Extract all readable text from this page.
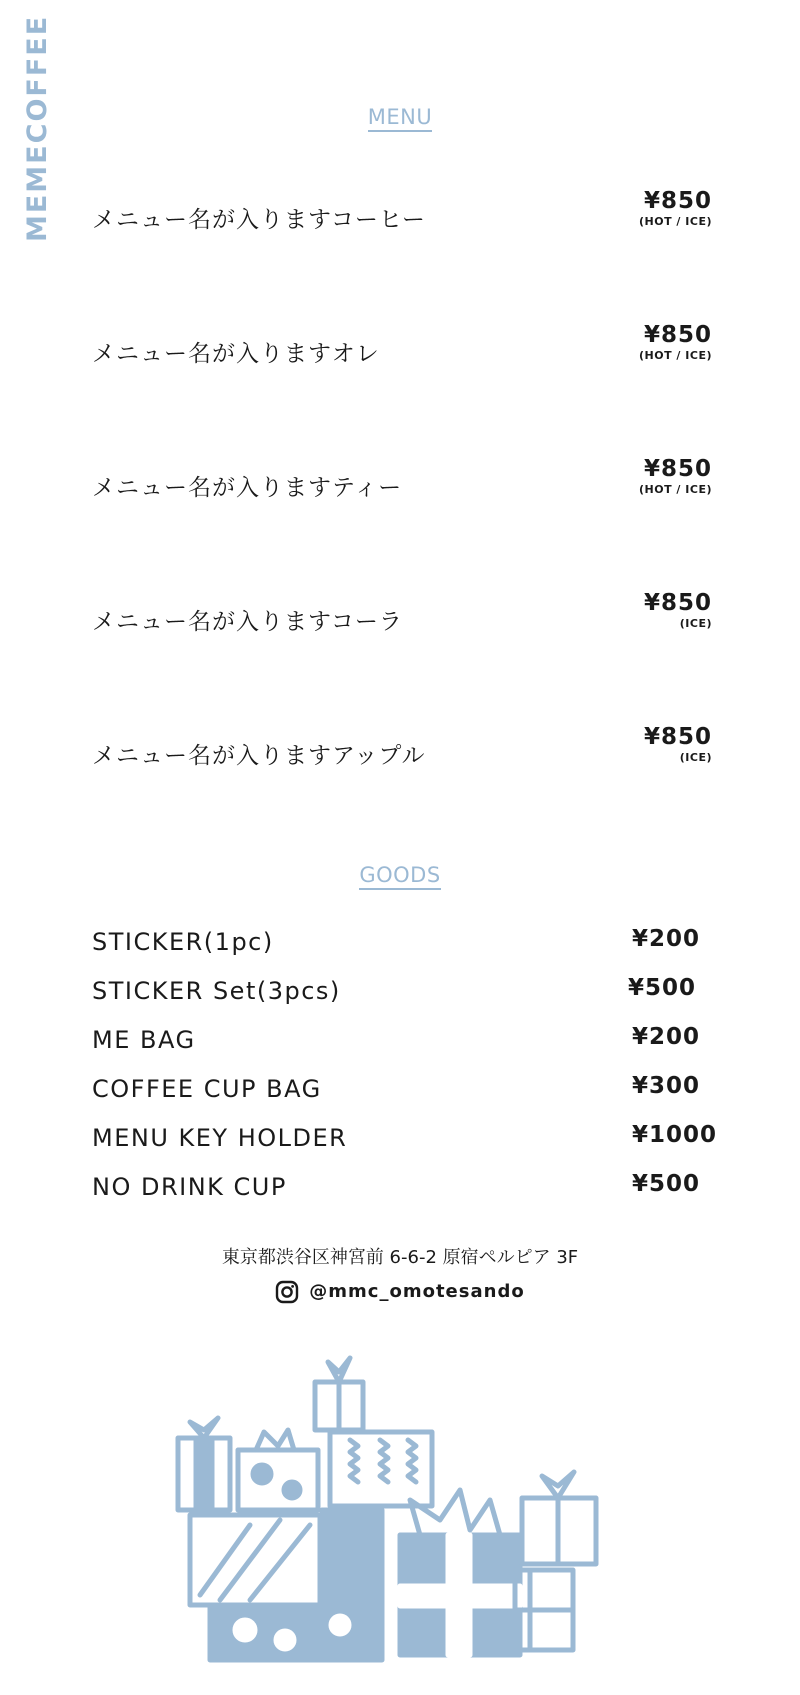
MEMECOFFEE	MENU
メニュー名が入りますコーヒー
¥850
(HOT / ICE)
メニュー名が入りますオレ
¥850
(HOT / ICE)
メニュー名が入りますティー
¥850
(HOT / ICE)
メニュー名が入りますコーラ
¥850
(ICE)
メニュー名が入りますアップル
¥850
(ICE)
GOODS
STICKER(1pc)	¥200
STICKER Set(3pcs)	¥500
ME BAG	¥200
COFFEE CUP BAG	¥300
MENU KEY HOLDER	¥1000
NO DRINK CUP	¥500
東京都渋谷区神宮前 6-6-2 原宿ペルピア 3F
@mmc_omotesando
